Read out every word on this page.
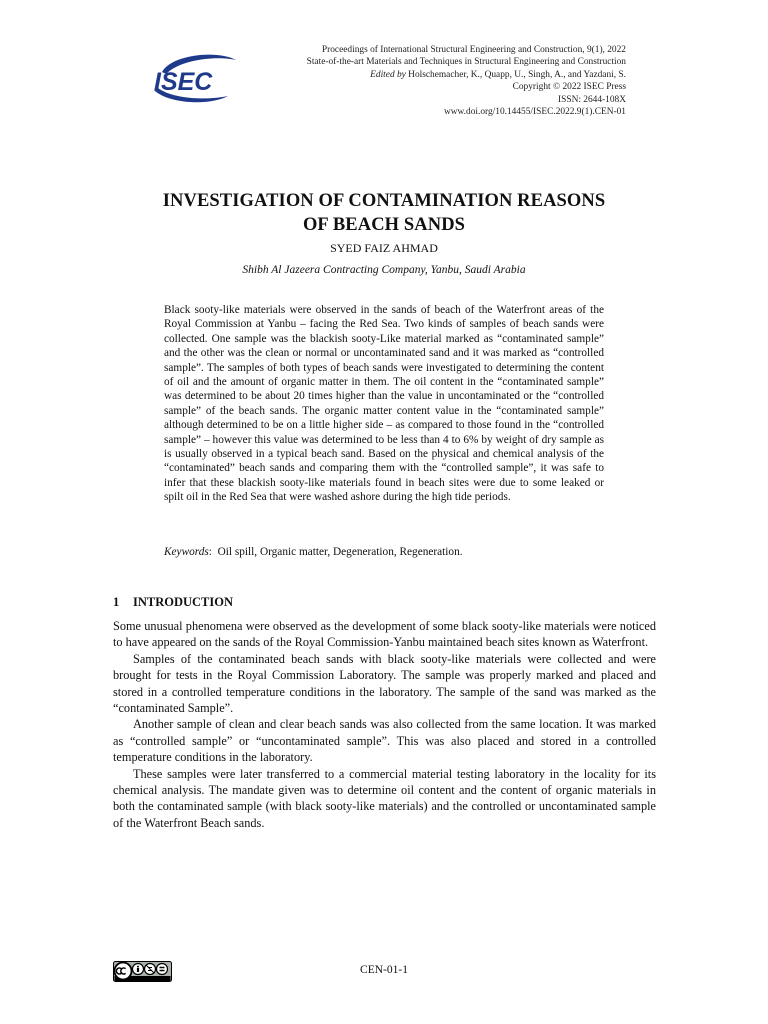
Proceedings of International Structural Engineering and Construction, 9(1), 2022
State-of-the-art Materials and Techniques in Structural Engineering and Construction
Edited by Holschemacher, K., Quapp, U., Singh, A., and Yazdani, S.
Copyright © 2022 ISEC Press
ISSN: 2644-108X
www.doi.org/10.14455/ISEC.2022.9(1).CEN-01
ISEC
INVESTIGATION OF CONTAMINATION REASONS
OF BEACH SANDS
SYED FAIZ AHMAD
Shibh Al Jazeera Contracting Company, Yanbu, Saudi Arabia
Black sooty-like materials were observed in the sands of beach of the Waterfront areas of the Royal Commission at Yanbu – facing the Red Sea. Two kinds of samples of beach sands were collected. One sample was the blackish sooty-Like material marked as “contaminated sample” and the other was the clean or normal or uncontaminated sand and it was marked as “controlled sample”. The samples of both types of beach sands were investigated to determining the content of oil and the amount of organic matter in them. The oil content in the “contaminated sample” was determined to be about 20 times higher than the value in uncontaminated or the “controlled sample” of the beach sands. The organic matter content value in the “contaminated sample” although determined to be on a little higher side – as compared to those found in the “controlled sample” – however this value was determined to be less than 4 to 6% by weight of dry sample as is usually observed in a typical beach sand. Based on the physical and chemical analysis of the “contaminated” beach sands and comparing them with the “controlled sample”, it was safe to infer that these blackish sooty-like materials found in beach sites were due to some leaked or spilt oil in the Red Sea that were washed ashore during the high tide periods.
Keywords:  Oil spill, Organic matter, Degeneration, Regeneration.
1 INTRODUCTION

Some unusual phenomena were observed as the development of some black sooty-like materials were noticed to have appeared on the sands of the Royal Commission-Yanbu maintained beach sites known as Waterfront.

Samples of the contaminated beach sands with black sooty-like materials were collected and were brought for tests in the Royal Commission Laboratory. The sample was properly marked and placed and stored in a controlled temperature conditions in the laboratory. The sample of the sand was marked as the “contaminated Sample”.

Another sample of clean and clear beach sands was also collected from the same location. It was marked as “controlled sample” or “uncontaminated sample”. This was also placed and stored in a controlled temperature conditions in the laboratory.

These samples were later transferred to a commercial material testing laboratory in the locality for its chemical analysis. The mandate given was to determine oil content and the content of organic materials in both the contaminated sample (with black sooty-like materials) and the controlled or uncontaminated sample of the Waterfront Beach sands.

CEN-01-1
